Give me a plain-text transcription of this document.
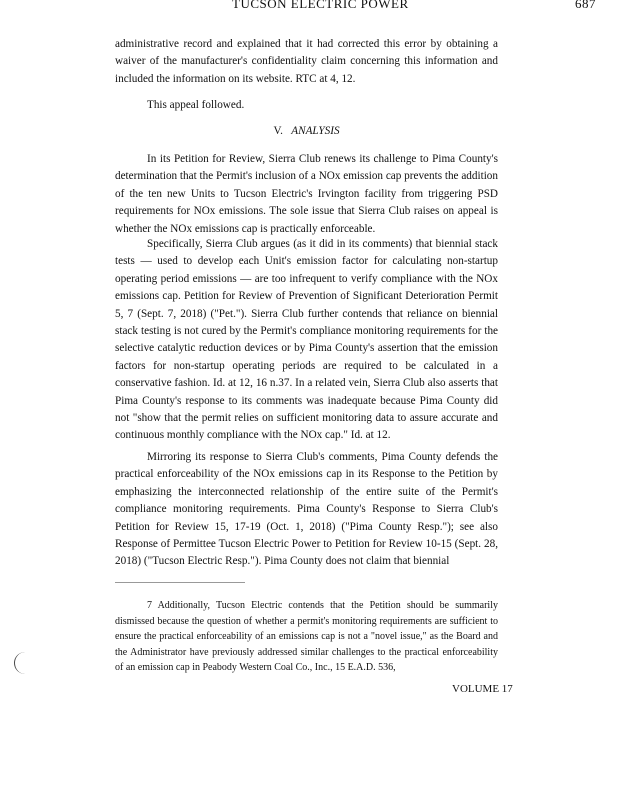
TUCSON ELECTRIC POWER	687

administrative record and explained that it had corrected this error by obtaining a waiver of the manufacturer's confidentiality claim concerning this information and included the information on its website. RTC at 4, 12.

This appeal followed.

V. ANALYSIS

In its Petition for Review, Sierra Club renews its challenge to Pima County's determination that the Permit's inclusion of a NOx emission cap prevents the addition of the ten new Units to Tucson Electric's Irvington facility from triggering PSD requirements for NOx emissions. The sole issue that Sierra Club raises on appeal is whether the NOx emissions cap is practically enforceable.

Specifically, Sierra Club argues (as it did in its comments) that biennial stack tests — used to develop each Unit's emission factor for calculating non-startup operating period emissions — are too infrequent to verify compliance with the NOx emissions cap. Petition for Review of Prevention of Significant Deterioration Permit 5, 7 (Sept. 7, 2018) ("Pet."). Sierra Club further contends that reliance on biennial stack testing is not cured by the Permit's compliance monitoring requirements for the selective catalytic reduction devices or by Pima County's assertion that the emission factors for non-startup operating periods are required to be calculated in a conservative fashion. Id. at 12, 16 n.37. In a related vein, Sierra Club also asserts that Pima County's response to its comments was inadequate because Pima County did not "show that the permit relies on sufficient monitoring data to assure accurate and continuous monthly compliance with the NOx cap." Id. at 12.

Mirroring its response to Sierra Club's comments, Pima County defends the practical enforceability of the NOx emissions cap in its Response to the Petition by emphasizing the interconnected relationship of the entire suite of the Permit's compliance monitoring requirements. Pima County's Response to Sierra Club's Petition for Review 15, 17-19 (Oct. 1, 2018) ("Pima County Resp."); see also Response of Permittee Tucson Electric Power to Petition for Review 10-15 (Sept. 28, 2018) ("Tucson Electric Resp."). Pima County does not claim that biennial

7 Additionally, Tucson Electric contends that the Petition should be summarily dismissed because the question of whether a permit's monitoring requirements are sufficient to ensure the practical enforceability of an emissions cap is not a "novel issue," as the Board and the Administrator have previously addressed similar challenges to the practical enforceability of an emission cap in Peabody Western Coal Co., Inc., 15 E.A.D. 536,

VOLUME 17
